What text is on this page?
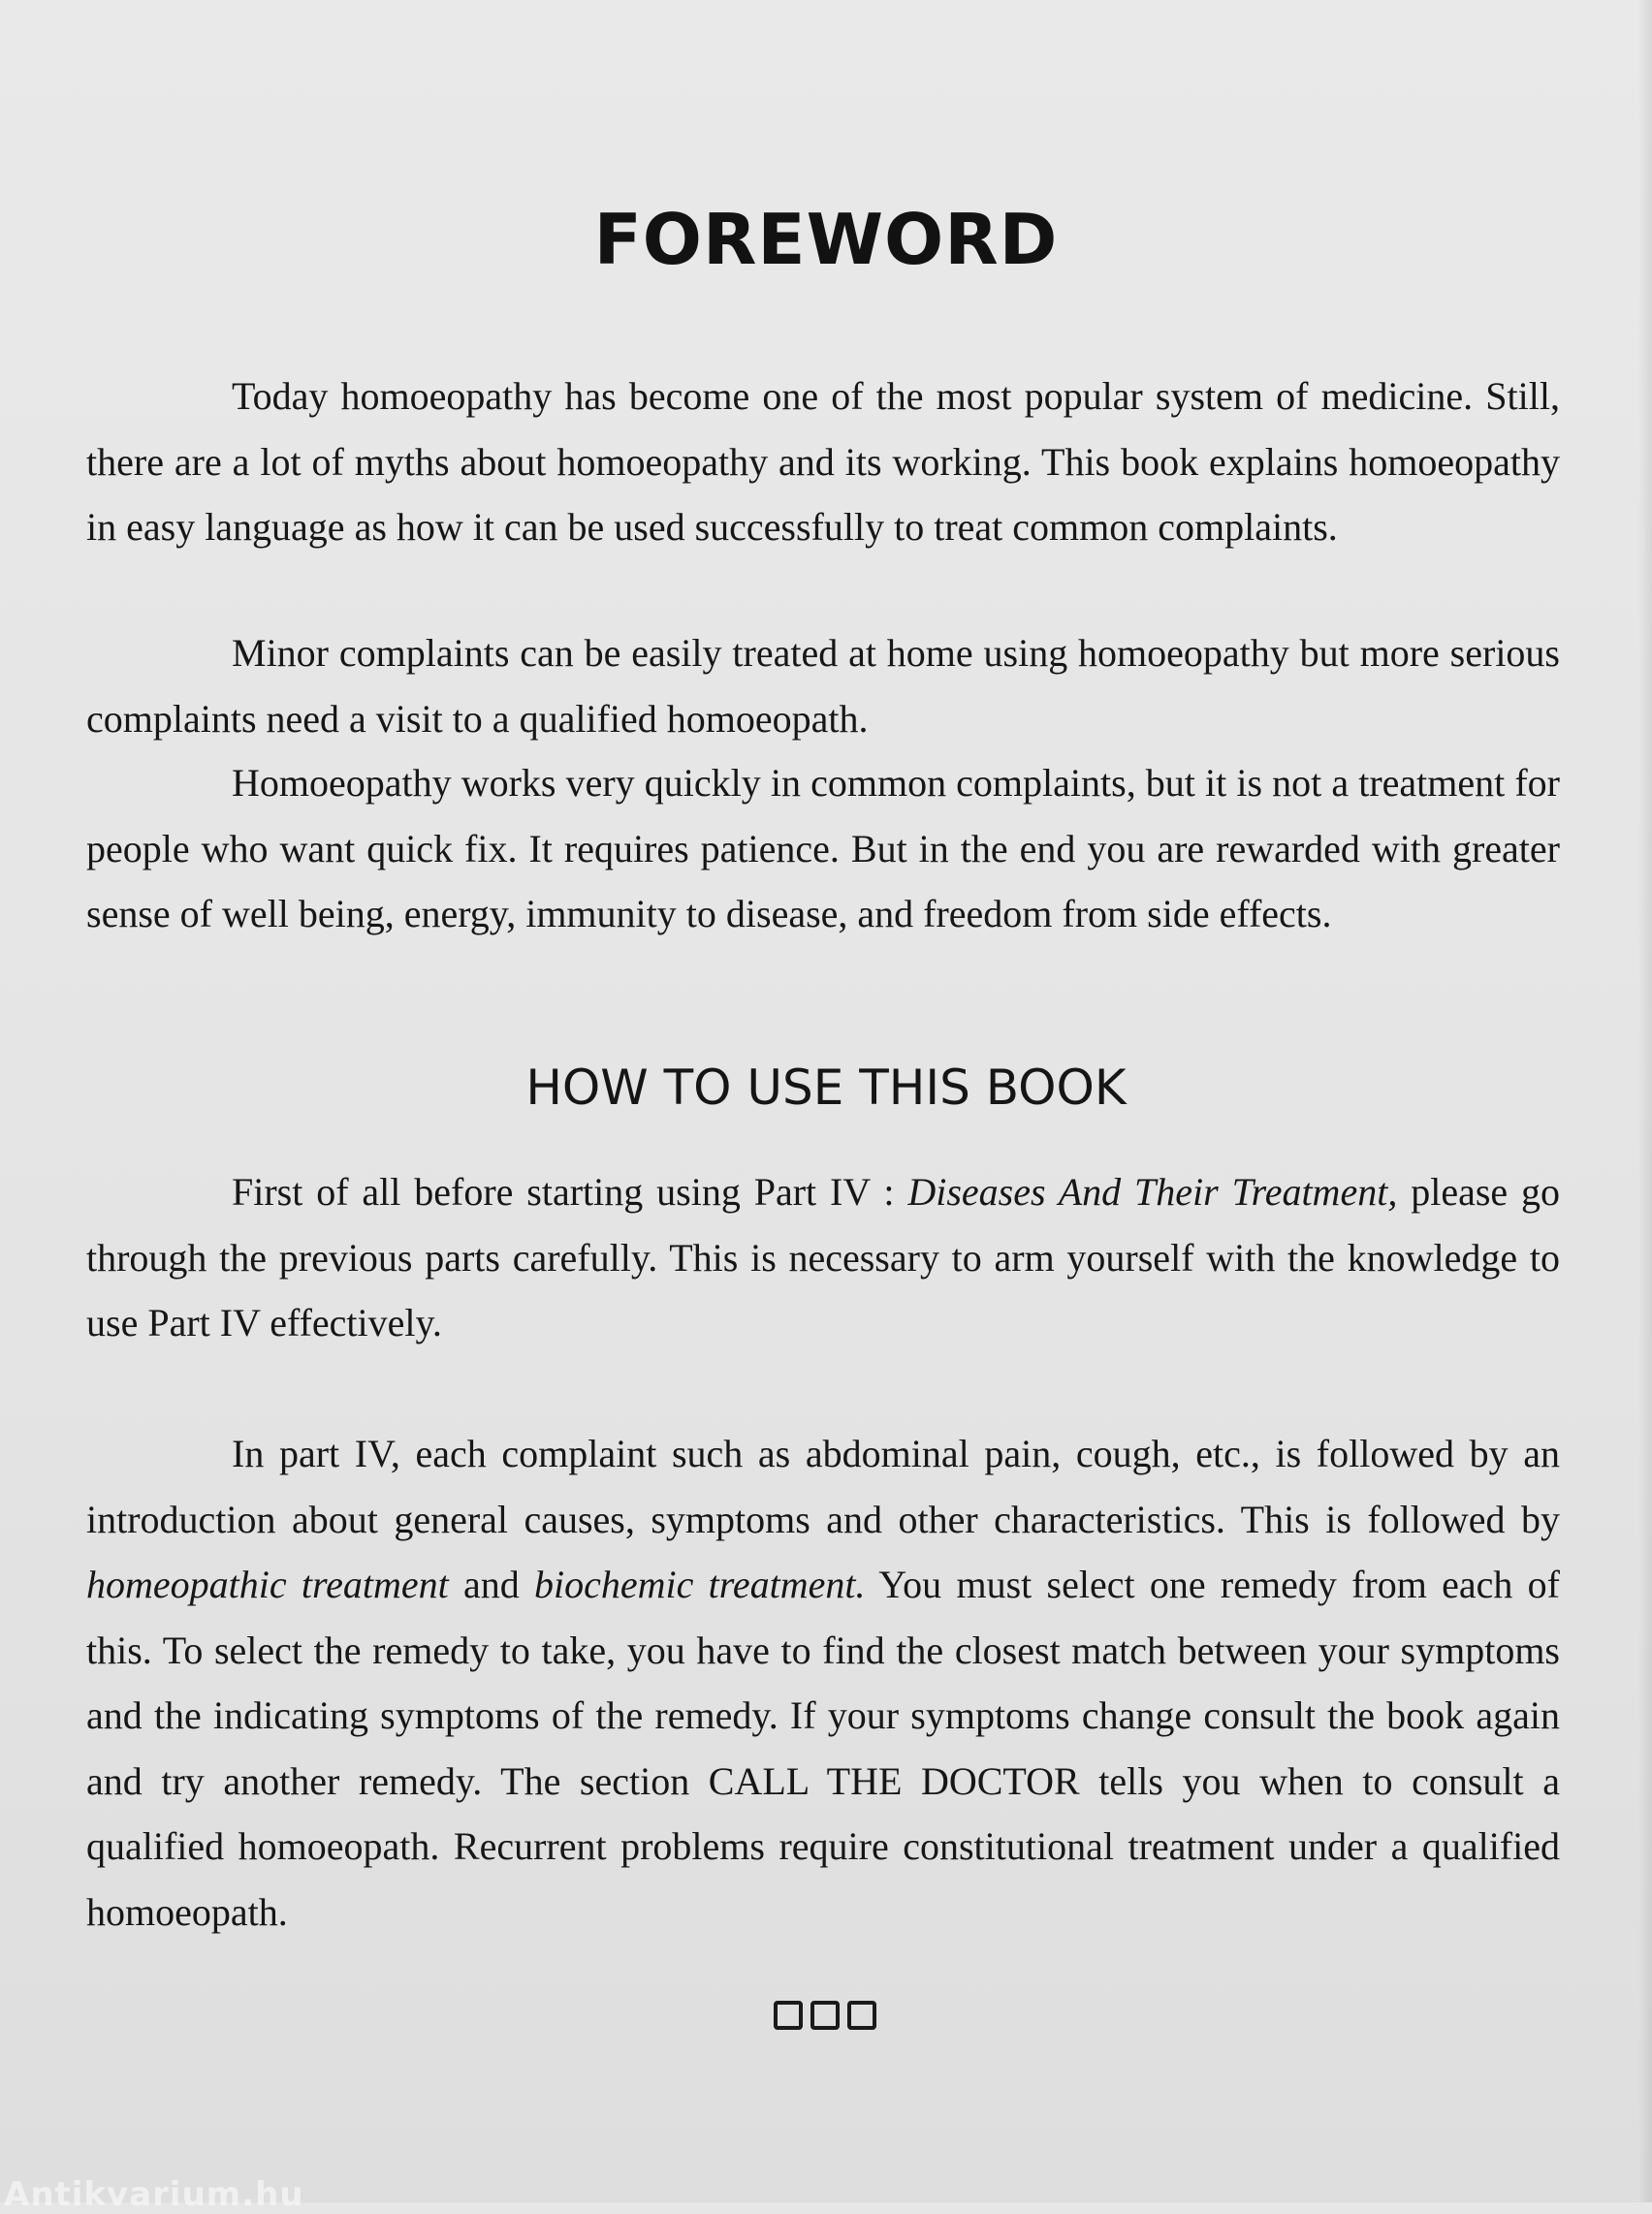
FOREWORD

Today homoeopathy has become one of the most popular system of medicine. Still, there are a lot of myths about homoeopathy and its working. This book explains homoeopathy in easy language as how it can be used successfully to treat common complaints.

Minor complaints can be easily treated at home using homoeopathy but more serious complaints need a visit to a qualified homoeopath.

Homoeopathy works very quickly in common complaints, but it is not a treatment for people who want quick fix. It requires patience. But in the end you are rewarded with greater sense of well being, energy, immunity to disease, and freedom from side effects.

HOW TO USE THIS BOOK

First of all before starting using Part IV : Diseases And Their Treatment, please go through the previous parts carefully. This is necessary to arm yourself with the knowledge to use Part IV effectively.

In part IV, each complaint such as abdominal pain, cough, etc., is followed by an introduction about general causes, symptoms and other characteristics. This is followed by homeopathic treatment and biochemic treatment. You must select one remedy from each of this. To select the remedy to take, you have to find the closest match between your symptoms and the indicating symptoms of the remedy. If your symptoms change consult the book again and try another remedy. The section CALL THE DOCTOR tells you when to consult a qualified homoeopath. Recurrent problems require constitutional treatment under a qualified homoeopath.

Antikvarium.hu
